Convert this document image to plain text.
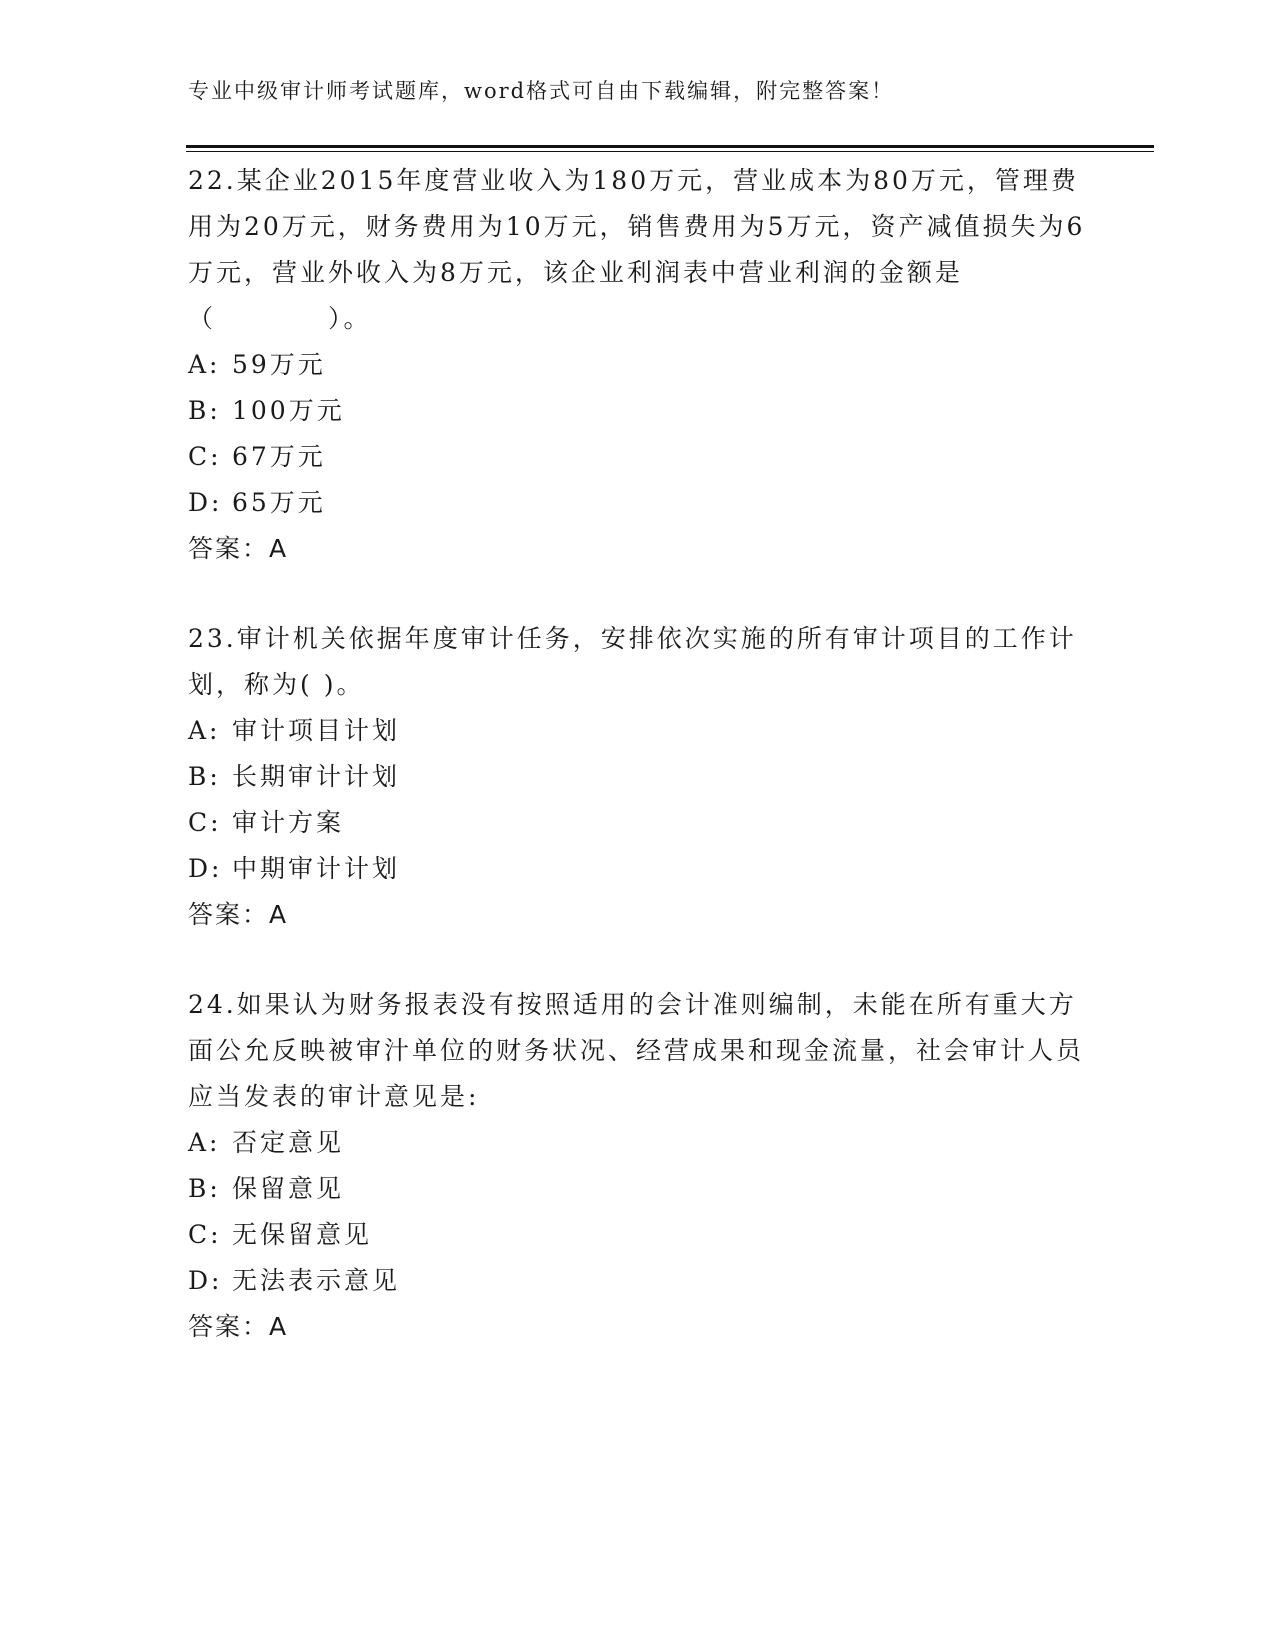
专业中级审计师考试题库，word格式可自由下载编辑，附完整答案！

22.某企业2015年度营业收入为180万元，营业成本为80万元，管理费用为20万元，财务费用为10万元，销售费用为5万元，资产减值损失为6万元，营业外收入为8万元，该企业利润表中营业利润的金额是（　　　　）。

A: 59万元

B: 100万元

C: 67万元

D: 65万元

答案：A

23.审计机关依据年度审计任务，安排依次实施的所有审计项目的工作计划，称为( )。

A: 审计项目计划

B: 长期审计计划

C: 审计方案

D: 中期审计计划

答案：A

24.如果认为财务报表没有按照适用的会计准则编制，未能在所有重大方面公允反映被审汁单位的财务状况、经营成果和现金流量，社会审计人员应当发表的审计意见是:

A: 否定意见

B: 保留意见

C: 无保留意见

D: 无法表示意见

答案：A
